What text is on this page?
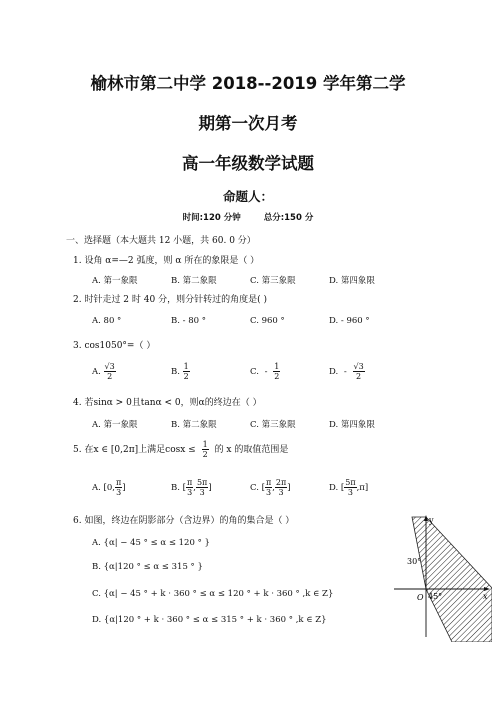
榆林市第二中学 2018--2019 学年第二学
期第一次月考
高一年级数学试题
命题人：
时间:120 分钟	总分:150 分
一、选择题（本大题共 12 小题，共 60. 0 分）
1. 设角 α=—2 弧度，则 α 所在的象限是（ ）
A. 第一象限	B. 第二象限	C. 第三象限	D. 第四象限
2. 时针走过 2 时 40 分，则分针转过的角度是( )
A. 80 °	B. - 80 °	C. 960 °	D. - 960 °
3. cos1050°=（ ）
A. $\frac{√3}{2}$	B. $\frac{1}{2}$	C. - $\frac{1}{2}$	D. - $\frac{√3}{2}$
4. 若sinα > 0且tanα < 0，则α的终边在（ ）
A. 第一象限	B. 第二象限	C. 第三象限	D. 第四象限
5. 在x ∈ [0,2π]上满足$\cos x \le \frac{1}{2}$ 的 x 的取值范围是
A. [0, $\frac{\pi}{3}$ ]	B. [ $\frac{\pi}{3}$ , $\frac{5\pi}{3}$ ]	C. [ $\frac{\pi}{3}$ , $\frac{2\pi}{3}$ ]	D. [ $\frac{5\pi}{3} ,\pi$]
6. 如图，终边在阴影部分（含边界）的角的集合是（ ）
A. {α| − 45 ° ≤ α ≤ 120 ° }
B. {α|120 ° ≤ α ≤ 315 ° }
C. {α| − 45 ° + k · 360 ° ≤ α ≤ 120 ° + k · 360 ° ,k ∈ Z}
D. {α|120 ° + k · 360 ° ≤ α ≤ 315 ° + k · 360 ° ,k ∈ Z}
y
x
O
30°
45°
